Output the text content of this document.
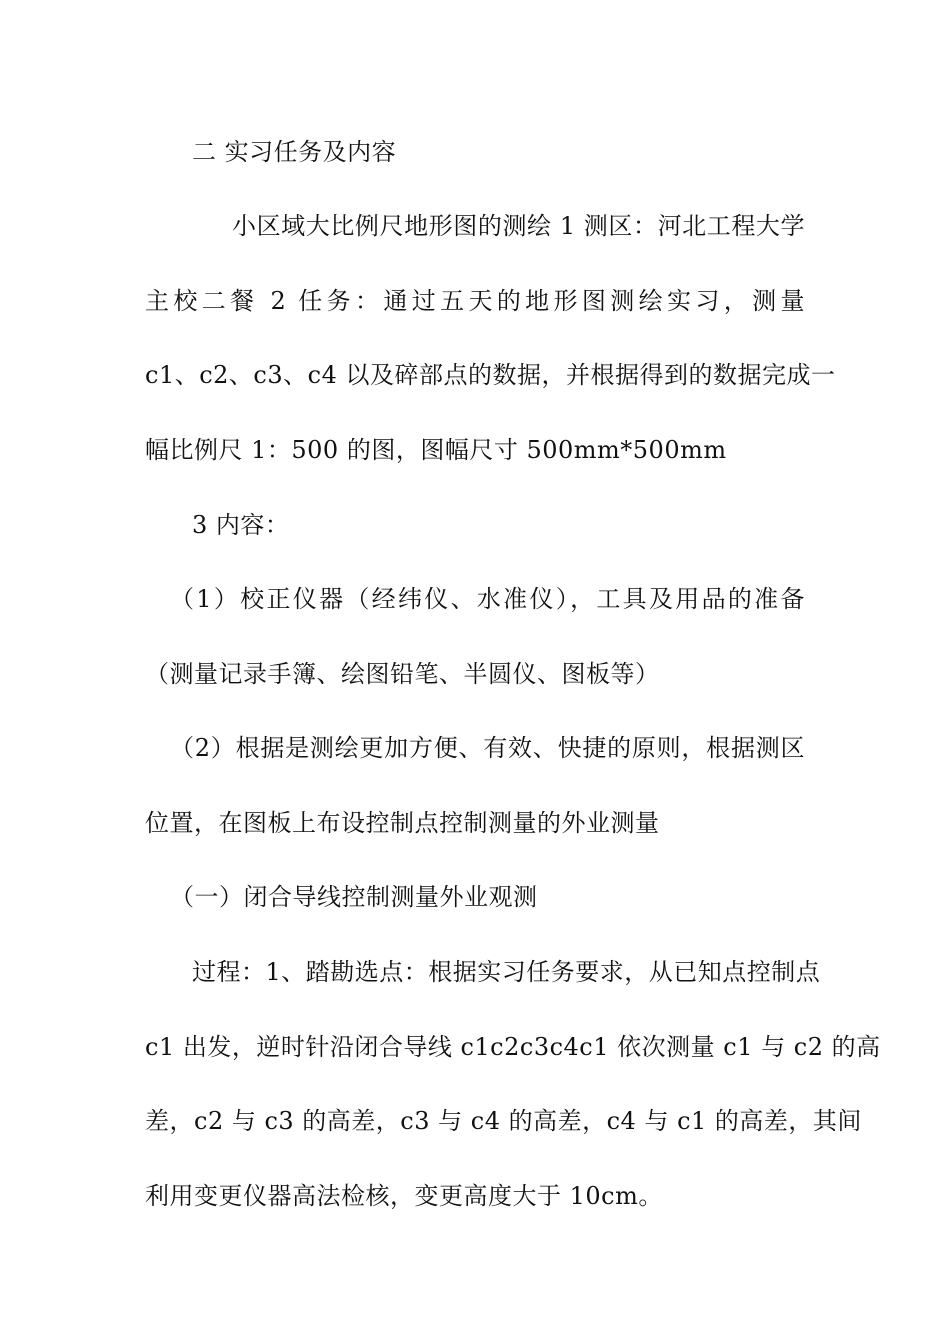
二 实习任务及内容
小区域大比例尺地形图的测绘 1 测区：河北工程大学
主校二餐 2 任务：通过五天的地形图测绘实习，测量
c1、c2、c3、c4 以及碎部点的数据，并根据得到的数据完成一
幅比例尺 1：500 的图，图幅尺寸 500mm*500mm
3 内容：
（1）校正仪器（经纬仪、水准仪），工具及用品的准备
（测量记录手簿、绘图铅笔、半圆仪、图板等）
（2）根据是测绘更加方便、有效、快捷的原则，根据测区
位置，在图板上布设控制点控制测量的外业测量
（一）闭合导线控制测量外业观测
过程：1、踏勘选点：根据实习任务要求，从已知点控制点
c1 出发，逆时针沿闭合导线 c1c2c3c4c1 依次测量 c1 与 c2 的高
差，c2 与 c3 的高差，c3 与 c4 的高差，c4 与 c1 的高差，其间
利用变更仪器高法检核，变更高度大于 10cm。
